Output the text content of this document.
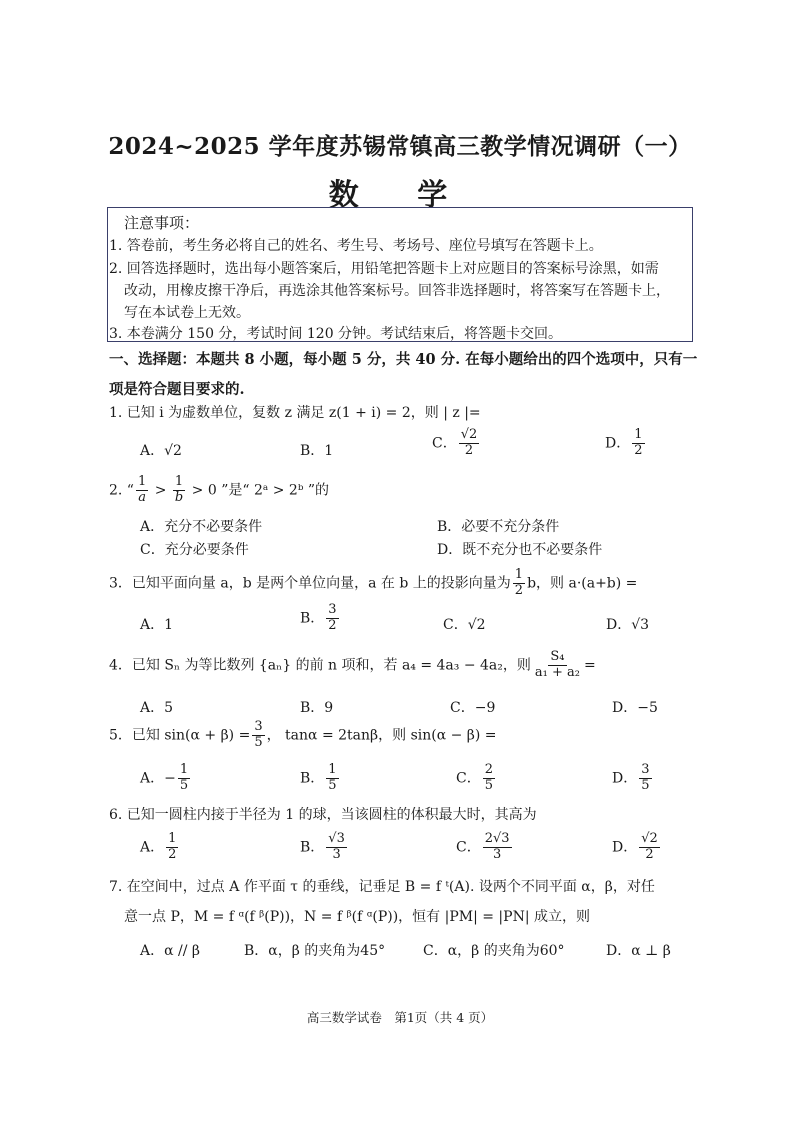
2024~2025 学年度苏锡常镇高三教学情况调研（一）
数 学
注意事项：
1. 答卷前，考生务必将自己的姓名、考生号、考场号、座位号填写在答题卡上。
2. 回答选择题时，选出每小题答案后，用铅笔把答题卡上对应题目的答案标号涂黑，如需
改动，用橡皮擦干净后，再选涂其他答案标号。回答非选择题时，将答案写在答题卡上，
写在本试卷上无效。
3. 本卷满分 150 分，考试时间 120 分钟。考试结束后，将答题卡交回。
一、选择题：本题共 8 小题，每小题 5 分，共 40 分. 在每小题给出的四个选项中，只有一
项是符合题目要求的.
1. 已知 i 为虚数单位，复数 z 满足 z(1 + i) = 2，则 | z |=
A．√2	B．1	C． $\frac{√2}{2}$	D． $\frac{1}{2}$
2. “ $\frac{1}{a} > \frac{1}{b} > 0$ ”是“ 2ᵃ > 2ᵇ ”的
A．充分不必要条件	B．必要不充分条件
C．充分必要条件	D．既不充分也不必要条件
3．已知平面向量 a，b 是两个单位向量，a 在 b 上的投影向量为 $\frac{1}{2}$ b，则 a·(a+b) =
A．1	B． $\frac{3}{2}$	C．√2	D．√3
4．已知 Sₙ 为等比数列 {aₙ} 的前 n 项和，若 a₄ = 4a₃ − 4a₂，则 $\frac{\text{S₄}}{\text{a₁ + a₂}}$ =
A．5	B．9	C．−9	D．−5
5．已知 $\sin(\alpha + \beta) = \frac{3}{5}$ ， tanα = 2tanβ，则 sin(α − β) =
A．− $\frac{1}{5}$	B． $\frac{1}{5}$	C． $\frac{2}{5}$	D． $\frac{3}{5}$
6. 已知一圆柱内接于半径为 1 的球，当该圆柱的体积最大时，其高为
A． $\frac{1}{2}$	B． $\frac{√3}{3}$	C． $\frac{2√3}{3}$	D． $\frac{√2}{2}$
7. 在空间中，过点 A 作平面 τ 的垂线，记垂足 B = f ᵗ(A). 设两个不同平面 α，β，对任
意一点 P，M = f ᵅ(f ᵝ(P))，N = f ᵝ(f ᵅ(P))，恒有 |PM| = |PN| 成立，则
A．α // β	B．α，β 的夹角为45°	C．α，β 的夹角为60°	D．α ⊥ β
高三数学试卷　第1页（共 4 页）
